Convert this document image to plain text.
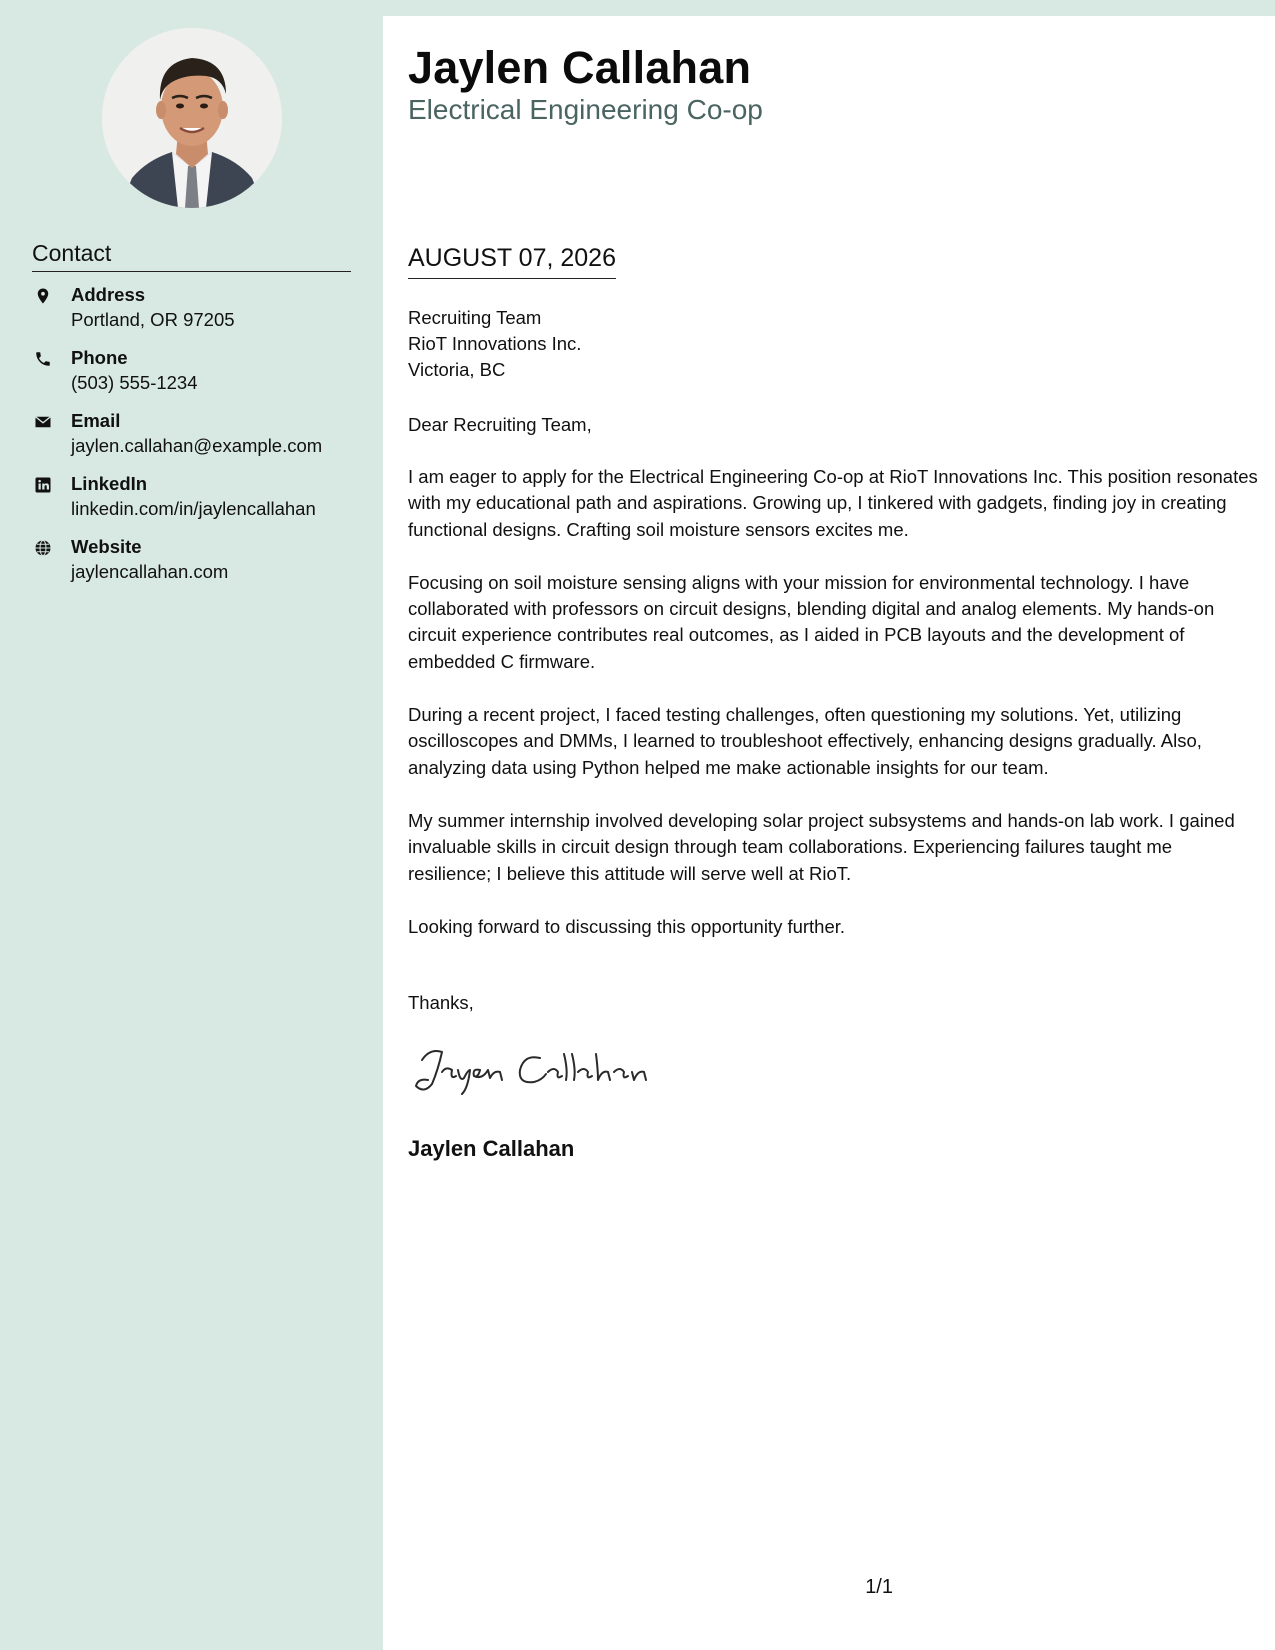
Contact
Address
Portland, OR 97205
Phone
(503) 555-1234
Email
jaylen.callahan@example.com
LinkedIn
linkedin.com/in/jaylencallahan
Website
jaylencallahan.com
Jaylen Callahan
Electrical Engineering Co-op
AUGUST 07, 2026
Recruiting Team
RioT Innovations Inc.
Victoria, BC
Dear Recruiting Team,

I am eager to apply for the Electrical Engineering Co-op at RioT Innovations Inc. This position resonates with my educational path and aspirations. Growing up, I tinkered with gadgets, finding joy in creating functional designs. Crafting soil moisture sensors excites me.

Focusing on soil moisture sensing aligns with your mission for environmental technology. I have collaborated with professors on circuit designs, blending digital and analog elements. My hands-on circuit experience contributes real outcomes, as I aided in PCB layouts and the development of embedded C firmware.

During a recent project, I faced testing challenges, often questioning my solutions. Yet, utilizing oscilloscopes and DMMs, I learned to troubleshoot effectively, enhancing designs gradually. Also, analyzing data using Python helped me make actionable insights for our team.

My summer internship involved developing solar project subsystems and hands-on lab work. I gained invaluable skills in circuit design through team collaborations. Experiencing failures taught me resilience; I believe this attitude will serve well at RioT.

Looking forward to discussing this opportunity further.

Thanks,
Jaylen Callahan
1/1
